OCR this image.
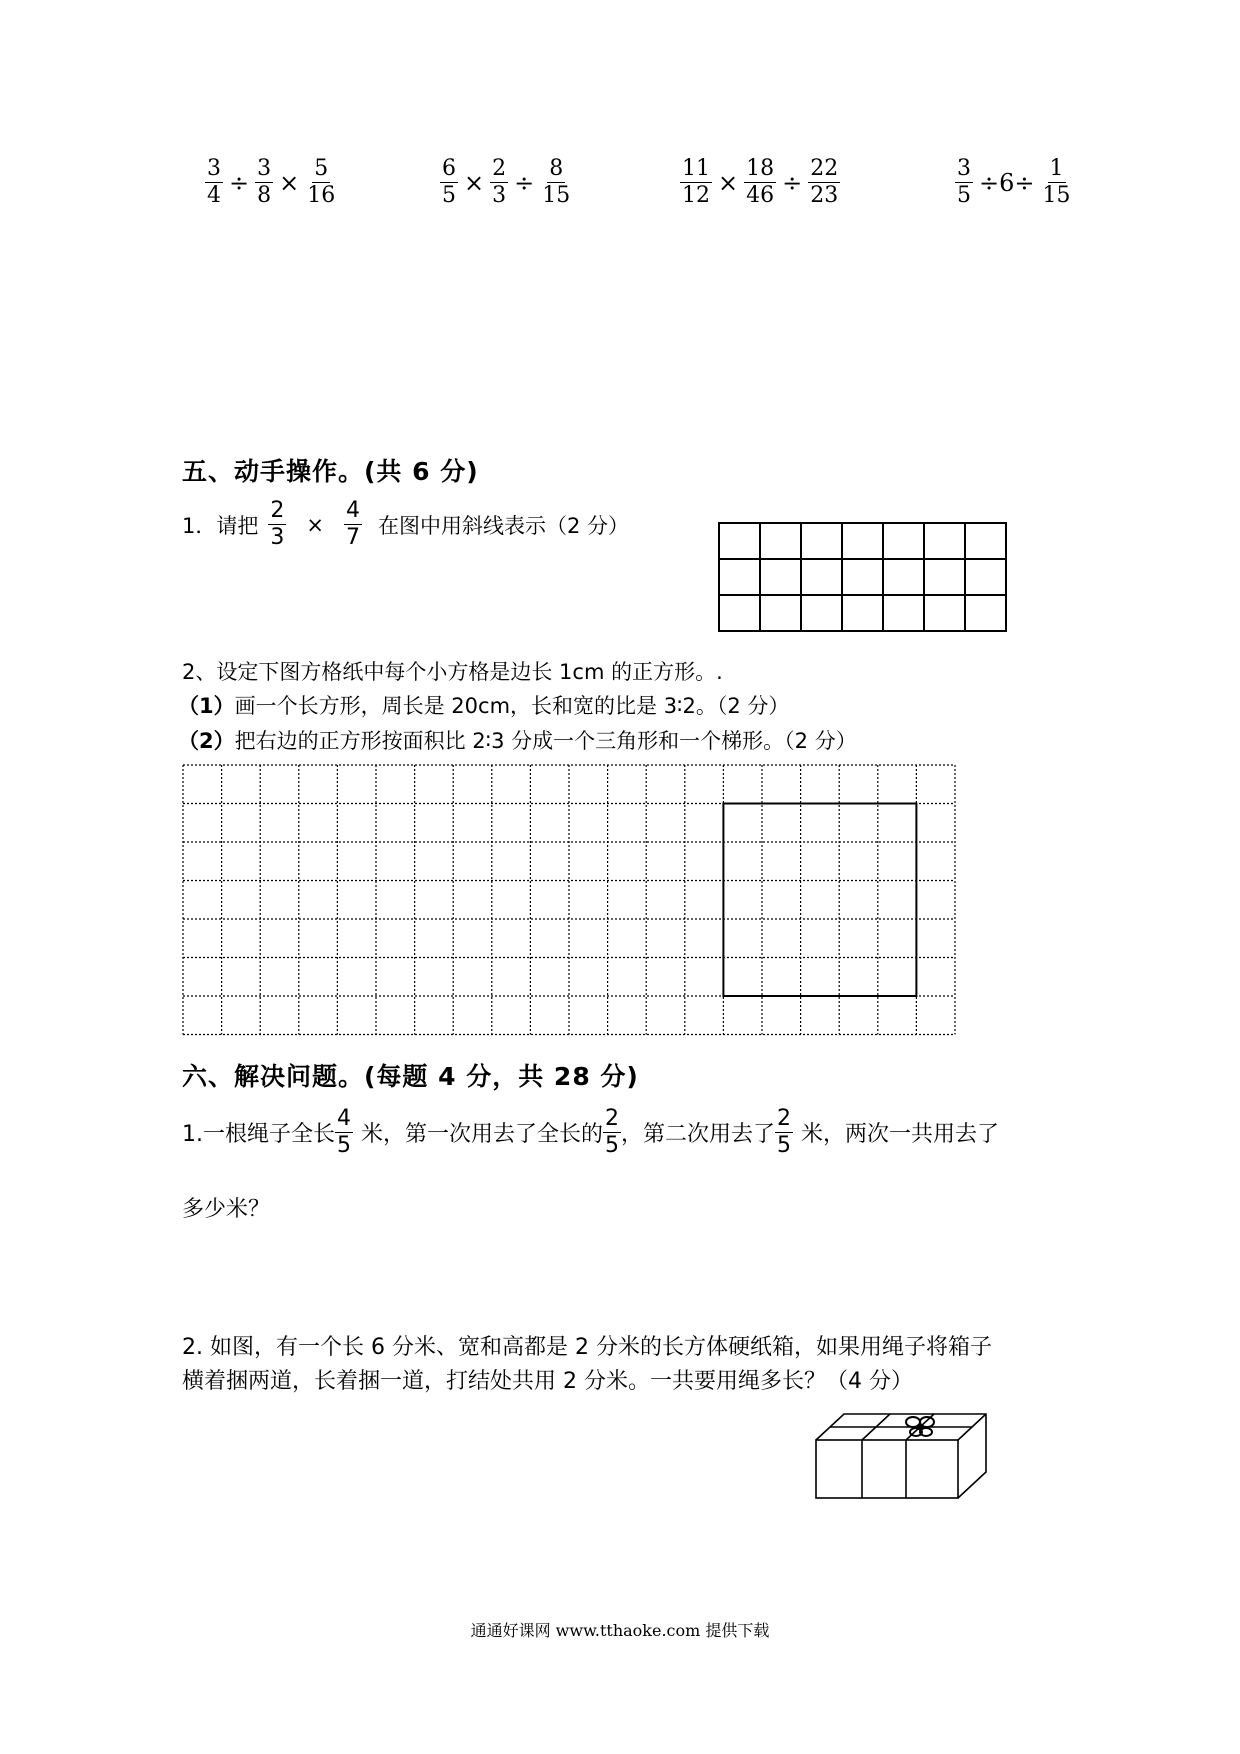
$\frac{3}{4} \div \frac{3}{8} \times \frac{5}{16}$	$\frac{6}{5} \times \frac{2}{3} \div \frac{8}{15}$	$\frac{11}{12} \times \frac{18}{46} \div \frac{22}{23}$	$\frac{3}{5} \div 6\div \frac{1}{15}$
五、动手操作。(共 6 分)
1．请把 $\frac{2}{3} \times \frac{4}{7}$ 在图中用斜线表示（2 分）

2、设定下图方格纸中每个小方格是边长 1cm 的正方形。.
（1）画一个长方形，周长是 20cm，长和宽的比是 3∶2。（2 分）
（2）把右边的正方形按面积比 2∶3 分成一个三角形和一个梯形。（2 分）
六、解决问题。(每题 4 分，共 28 分)
1.一根绳子全长 $\frac{4}{5}$ 米，第一次用去了全长的 $\frac{2}{5}$ ，第二次用去了 $\frac{2}{5}$ 米，两次一共用去了
多少米？
2. 如图，有一个长 6 分米、宽和高都是 2 分米的长方体硬纸箱，如果用绳子将箱子
横着捆两道，长着捆一道，打结处共用 2 分米。一共要用绳多长？（4 分）
通通好课网 www.tthaoke.com 提供下载
